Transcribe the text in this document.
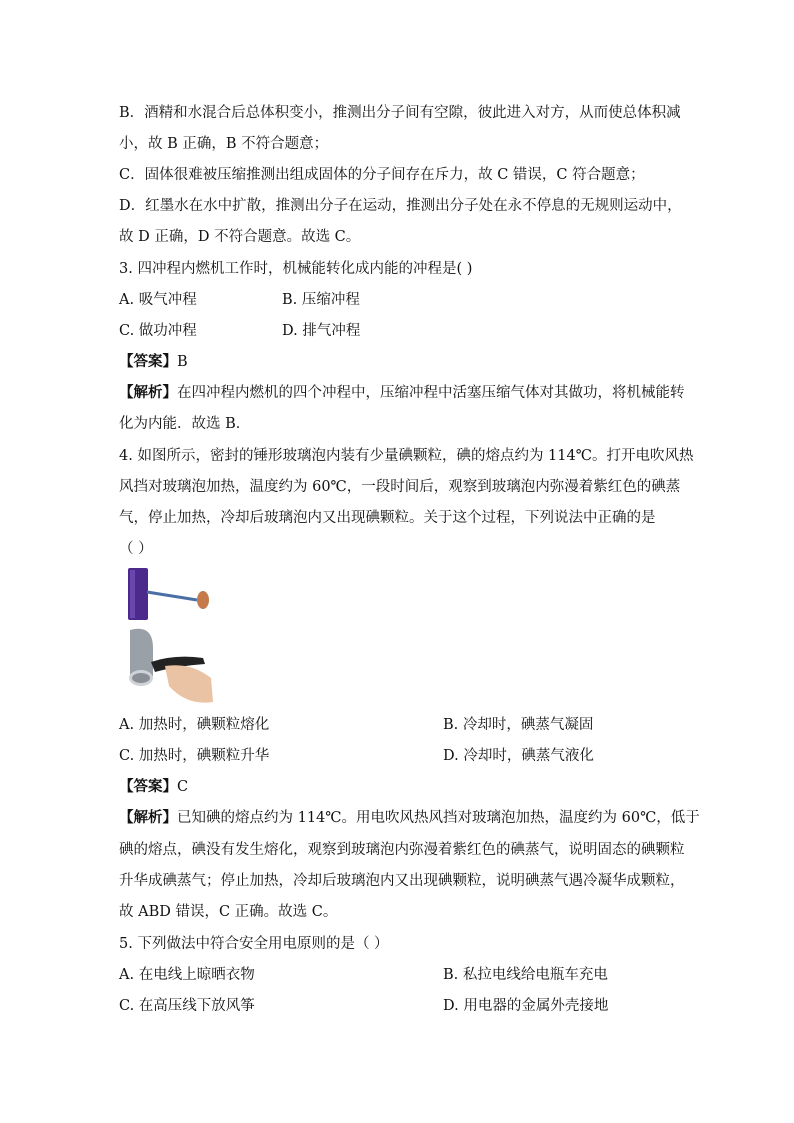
B．酒精和水混合后总体积变小，推测出分子间有空隙，彼此进入对方，从而使总体积减
小，故 B 正确，B 不符合题意；
C．固体很难被压缩推测出组成固体的分子间存在斥力，故 C 错误，C 符合题意；
D．红墨水在水中扩散，推测出分子在运动，推测出分子处在永不停息的无规则运动中，
故 D 正确，D 不符合题意。故选 C。
3. 四冲程内燃机工作时，机械能转化成内能的冲程是( )
A. 吸气冲程	B. 压缩冲程
C. 做功冲程	D. 排气冲程
【答案】B
【解析】在四冲程内燃机的四个冲程中，压缩冲程中活塞压缩气体对其做功，将机械能转
化为内能．故选 B．
4. 如图所示，密封的锤形玻璃泡内装有少量碘颗粒，碘的熔点约为 114℃。打开电吹风热
风挡对玻璃泡加热，温度约为 60℃，一段时间后，观察到玻璃泡内弥漫着紫红色的碘蒸
气，停止加热，冷却后玻璃泡内又出现碘颗粒。关于这个过程，下列说法中正确的是
（ ）
A. 加热时，碘颗粒熔化	B. 冷却时，碘蒸气凝固
C. 加热时，碘颗粒升华	D. 冷却时，碘蒸气液化
【答案】C
【解析】已知碘的熔点约为 114℃。用电吹风热风挡对玻璃泡加热，温度约为 60℃，低于
碘的熔点，碘没有发生熔化，观察到玻璃泡内弥漫着紫红色的碘蒸气，说明固态的碘颗粒
升华成碘蒸气；停止加热，冷却后玻璃泡内又出现碘颗粒，说明碘蒸气遇冷凝华成颗粒，
故 ABD 错误，C 正确。故选 C。
5. 下列做法中符合安全用电原则的是（ ）
A. 在电线上晾晒衣物	B. 私拉电线给电瓶车充电
C. 在高压线下放风筝	D. 用电器的金属外壳接地
